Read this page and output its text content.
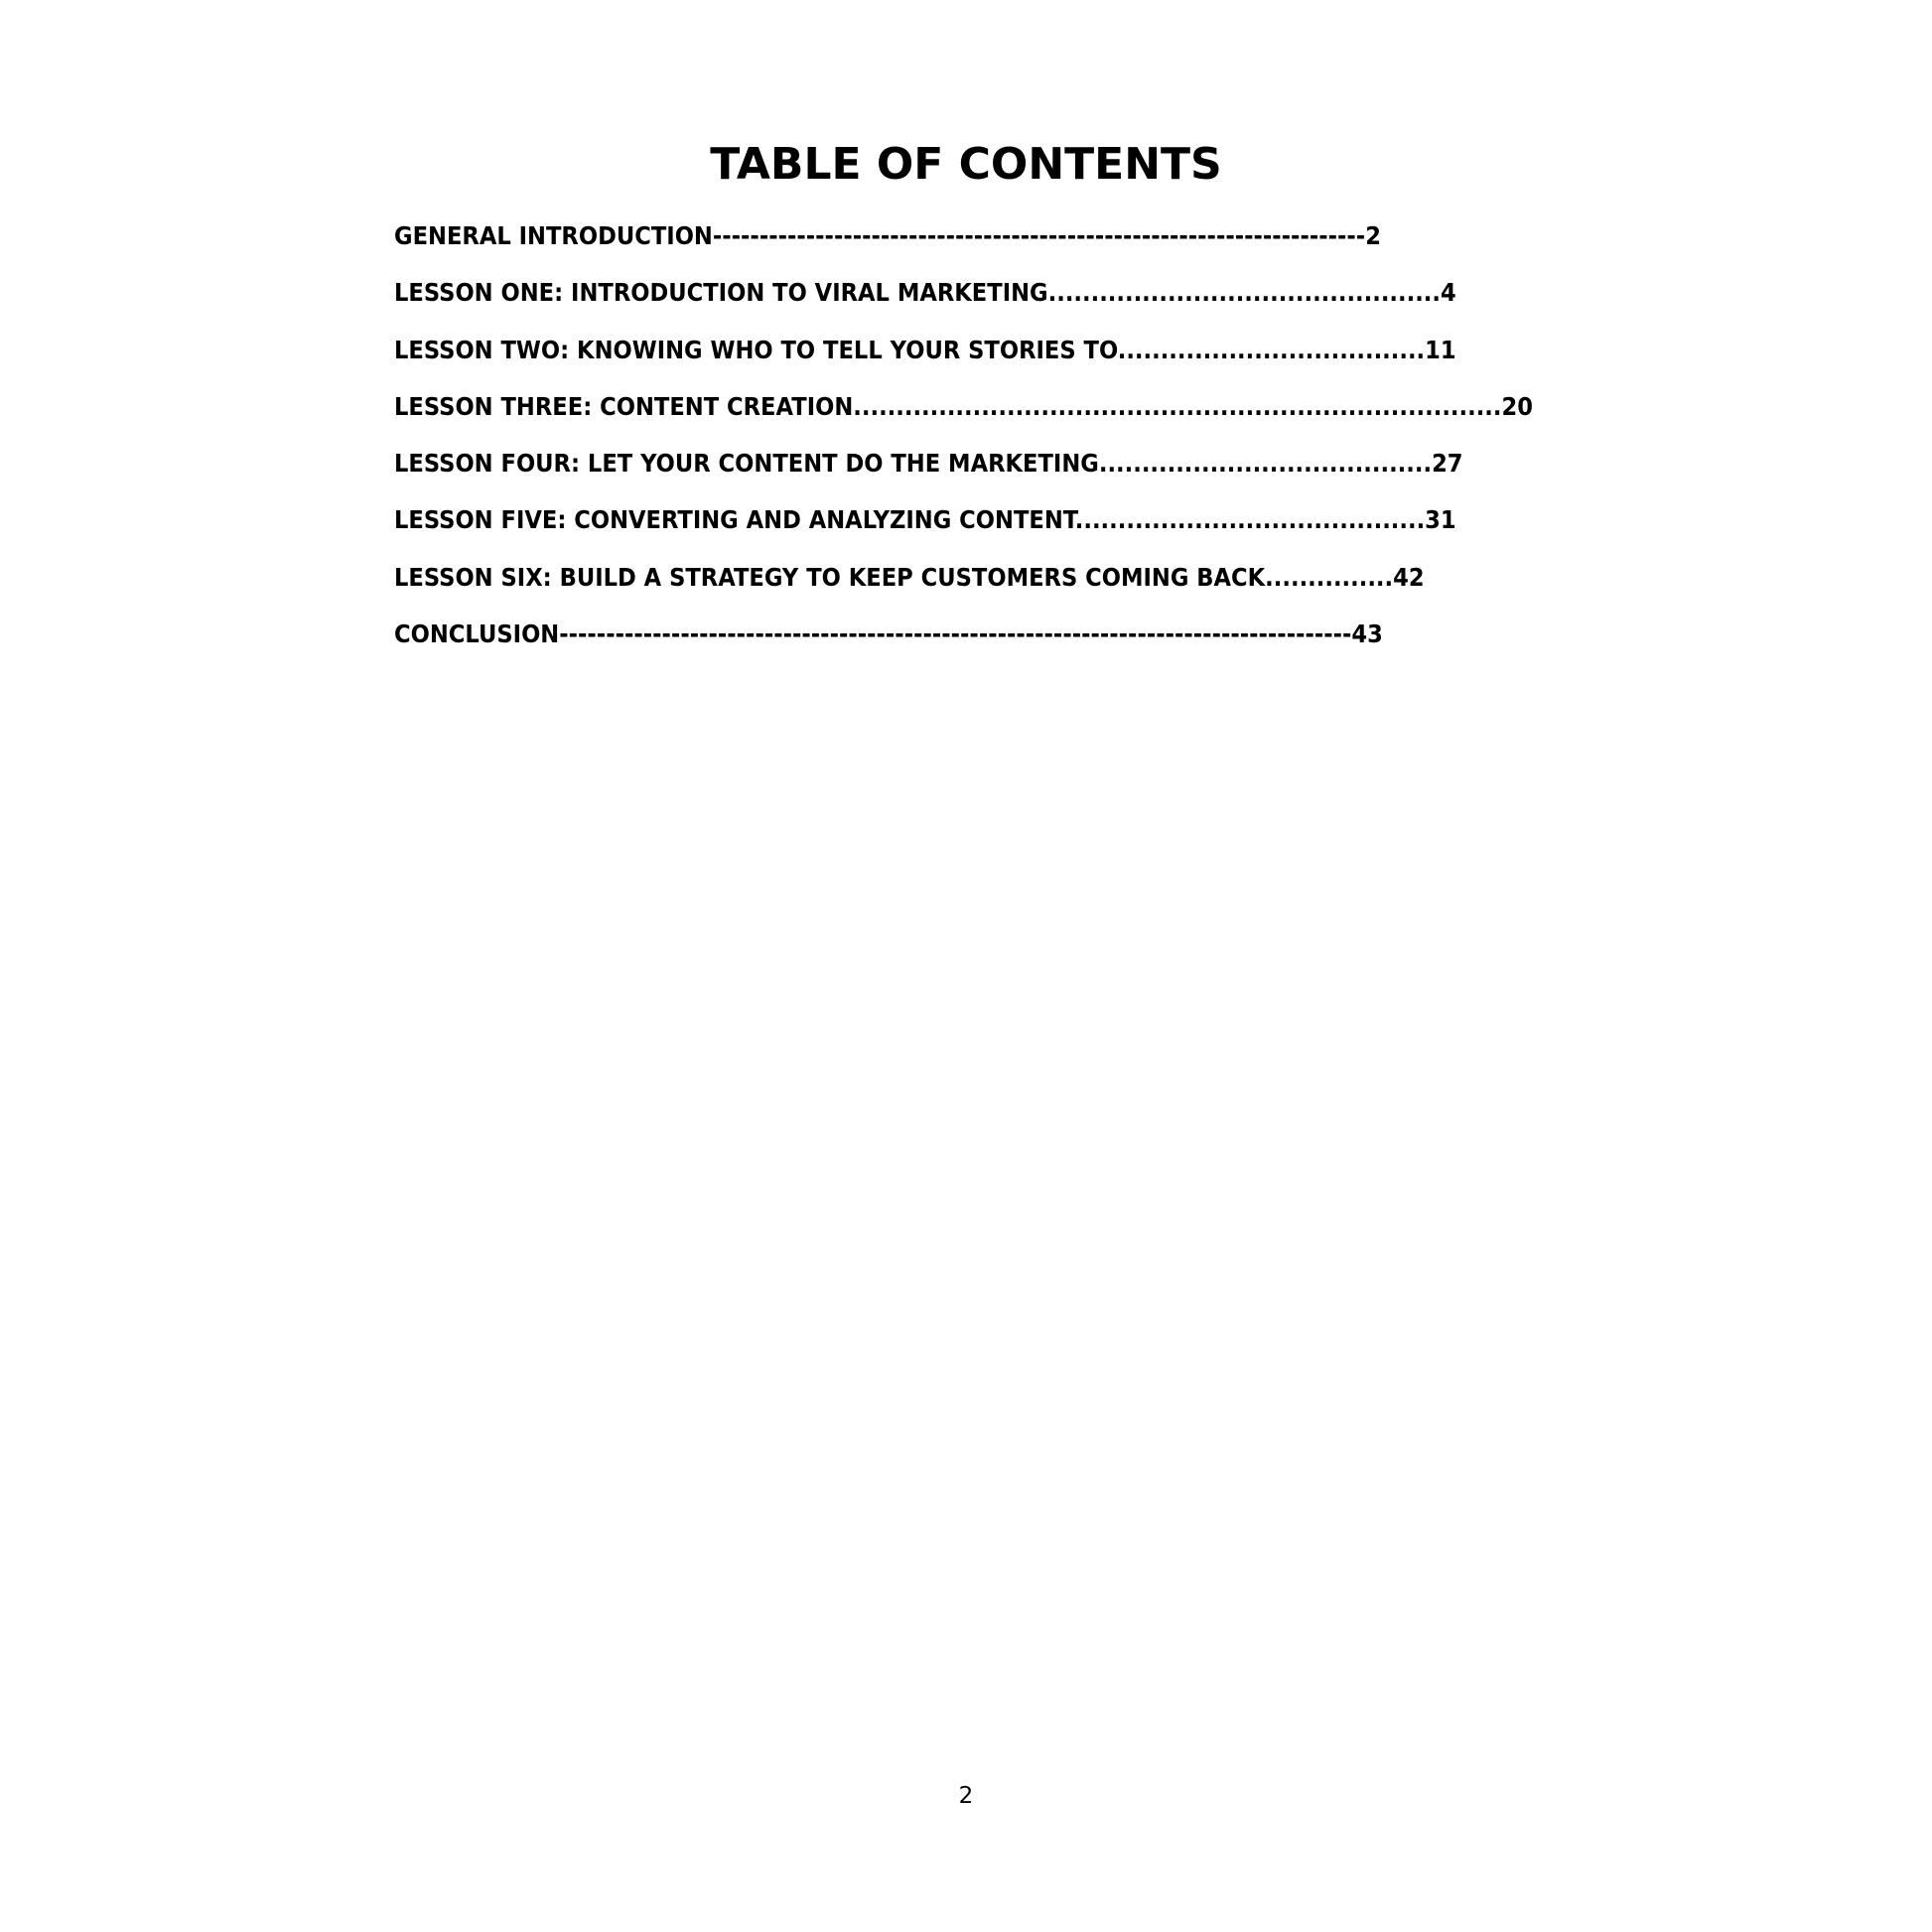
TABLE OF CONTENTS
GENERAL INTRODUCTION----------------------------------------------------------------------2
LESSON ONE: INTRODUCTION TO VIRAL MARKETING..............................................4
LESSON TWO: KNOWING WHO TO TELL YOUR STORIES TO....................................11
LESSON THREE: CONTENT CREATION............................................................................20
LESSON FOUR: LET YOUR CONTENT DO THE MARKETING.......................................27
LESSON FIVE: CONVERTING AND ANALYZING CONTENT.........................................31
LESSON SIX: BUILD A STRATEGY TO KEEP CUSTOMERS COMING BACK...............42
CONCLUSION-------------------------------------------------------------------------------------43
2
